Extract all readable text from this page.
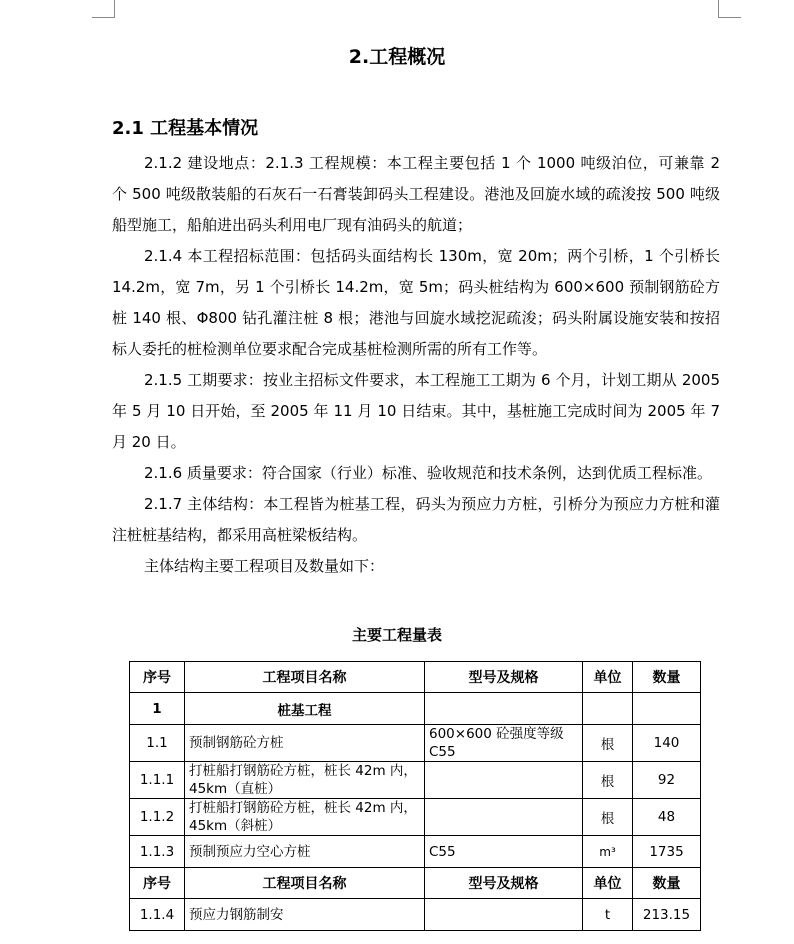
2.工程概况
2.1 工程基本情况

2.1.2 建设地点：2.1.3 工程规模：本工程主要包括 1 个 1000 吨级泊位，可兼靠 2 个 500 吨级散装船的石灰石一石膏装卸码头工程建设。港池及回旋水域的疏浚按 500 吨级船型施工，船舶进出码头利用电厂现有油码头的航道；

2.1.4 本工程招标范围：包括码头面结构长 130m，宽 20m；两个引桥，1 个引桥长 14.2m，宽 7m，另 1 个引桥长 14.2m，宽 5m；码头桩结构为 600×600 预制钢筋砼方桩 140 根、Φ800 钻孔灌注桩 8 根；港池与回旋水域挖泥疏浚；码头附属设施安装和按招标人委托的桩检测单位要求配合完成基桩检测所需的所有工作等。

2.1.5 工期要求：按业主招标文件要求，本工程施工工期为 6 个月，计划工期从 2005 年 5 月 10 日开始，至 2005 年 11 月 10 日结束。其中，基桩施工完成时间为 2005 年 7 月 20 日。

2.1.6 质量要求：符合国家（行业）标准、验收规范和技术条例，达到优质工程标准。

2.1.7 主体结构：本工程皆为桩基工程，码头为预应力方桩，引桥分为预应力方桩和灌注桩桩基结构，都采用高桩梁板结构。

主体结构主要工程项目及数量如下：

主要工程量表
序号	工程项目名称	型号及规格	单位	数量
1	桩基工程			
1.1	预制钢筋砼方桩	600×600 砼强度等级C55	根	140
1.1.1	打桩船打钢筋砼方桩，桩长 42m 内，45km（直桩）		根	92
1.1.2	打桩船打钢筋砼方桩，桩长 42m 内，45km（斜桩）		根	48
1.1.3	预制预应力空心方桩	C55	m³	1735
序号	工程项目名称	型号及规格	单位	数量
1.1.4	预应力钢筋制安		t	213.15
